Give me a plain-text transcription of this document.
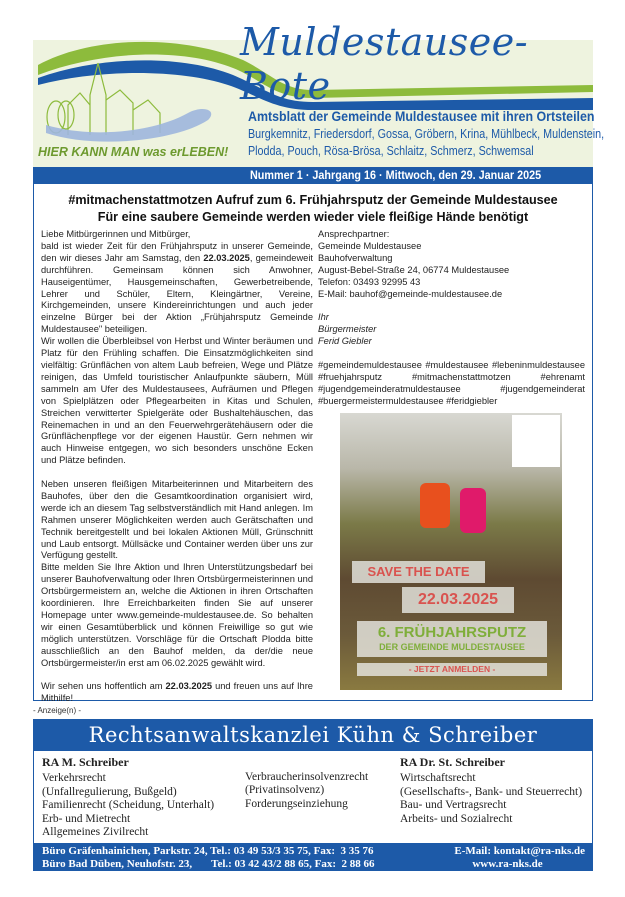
Muldestausee-Bote
HIER KANN MAN was erLEBEN!
Amtsblatt der Gemeinde Muldestausee mit ihren Ortsteilen
Burgkemnitz, Friedersdorf, Gossa, Gröbern, Krina, Mühlbeck, Muldenstein,
Plodda, Pouch, Rösa-Brösa, Schlaitz, Schmerz, Schwemsal
Nummer 1 · Jahrgang 16 · Mittwoch, den 29. Januar 2025
#mitmachenstattmotzen Aufruf zum 6. Frühjahrsputz der Gemeinde Muldestausee
Für eine saubere Gemeinde werden wieder viele fleißige Hände benötigt

Liebe Mitbürgerinnen und Mitbürger,

bald ist wieder Zeit für den Frühjahrsputz in unserer Gemeinde, den wir dieses Jahr am Samstag, den 22.03.2025, gemeindeweit durchführen. Gemeinsam können sich Anwohner, Hauseigentümer, Hausgemeinschaften, Gewerbetreibende, Lehrer und Schüler, Eltern, Kleingärtner, Vereine, Kirchgemeinden, unsere Kindereinrichtungen und auch jeder einzelne Bürger bei der Aktion „Frühjahrsputz Gemeinde Muldestausee" beteiligen.

Wir wollen die Überbleibsel von Herbst und Winter beräumen und Platz für den Frühling schaffen. Die Einsatzmöglichkeiten sind vielfältig: Grünflächen von altem Laub befreien, Wege und Plätze reinigen, das Umfeld touristischer Anlaufpunkte säubern, Müll sammeln am Ufer des Muldestausees, Aufräumen und Pflegen von Spielplätzen oder Pflegearbeiten in Kitas und Schulen, Streichen verwitterter Spielgeräte oder Bushaltehäuschen, das Reinemachen in und an den Feuerwehrgerätehäusern oder die Grünflächenpflege vor der eigenen Haustür. Gern nehmen wir auch Hinweise entgegen, wo sich besonders unschöne Ecken und Plätze befinden.

Neben unseren fleißigen Mitarbeiterinnen und Mitarbeitern des Bauhofes, über den die Gesamtkoordination organisiert wird, werde ich an diesem Tag selbstverständlich mit Hand anlegen. Im Rahmen unserer Möglichkeiten werden auch Gerätschaften und Technik bereitgestellt und bei lokalen Aktionen Müll, Grünschnitt und Laub entsorgt. Müllsäcke und Container werden über uns zur Verfügung gestellt.

Bitte melden Sie Ihre Aktion und Ihren Unterstützungsbedarf bei unserer Bauhofverwaltung oder Ihren Ortsbürgermeisterinnen und Ortsbürgermeistern an, welche die Aktionen in ihren Ortschaften koordinieren. Ihre Erreichbarkeiten finden Sie auf unserer Homepage unter www.gemeinde-muldestausee.de. So behalten wir einen Gesamtüberblick und können Freiwillige so gut wie möglich unterstützen. Vorschläge für die Ortschaft Plodda bitte ausschließlich an den Bauhof melden, da der/die neue Ortsbürgermeister/in erst am 06.02.2025 gewählt wird.

Wir sehen uns hoffentlich am 22.03.2025 und freuen uns auf Ihre Mithilfe!

Ansprechpartner:
Gemeinde Muldestausee
Bauhofverwaltung
August-Bebel-Straße 24, 06774 Muldestausee
Telefon: 03493 92995 43
E-Mail: bauhof@gemeinde-muldestausee.de

Ihr
Bürgermeister
Ferid Giebler

#gemeindemuldestausee #muldestausee #lebeninmuldestausee #fruehjahrsputz #mitmachenstattmotzen #ehrenamt #jugendgemeinderatmuldestausee #jugendgemeinderat #buergermeistermuldestausee #feridgiebler

SAVE THE DATE
22.03.2025
6. FRÜHJAHRSPUTZ
DER GEMEINDE MULDESTAUSEE
- JETZT ANMELDEN -
- Anzeige(n) -
Rechtsanwaltskanzlei Kühn & Schreiber
RA M. Schreiber
Verkehrsrecht
(Unfallregulierung, Bußgeld)
Familienrecht (Scheidung, Unterhalt)
Erb- und Mietrecht
Allgemeines Zivilrecht
Verbraucherinsolvenzrecht
(Privatinsolvenz)
Forderungseinziehung
RA Dr. St. Schreiber
Wirtschaftsrecht
(Gesellschafts-, Bank- und Steuerrecht)
Bau- und Vertragsrecht
Arbeits- und Sozialrecht
Büro Gräfenhainichen, Parkstr. 24, Tel.: 03 49 53/3 35 75, Fax:  3 35 76
Büro Bad Düben, Neuhofstr. 23,       Tel.: 03 42 43/2 88 65, Fax:  2 88 66
E-Mail: kontakt@ra-nks.de
www.ra-nks.de
